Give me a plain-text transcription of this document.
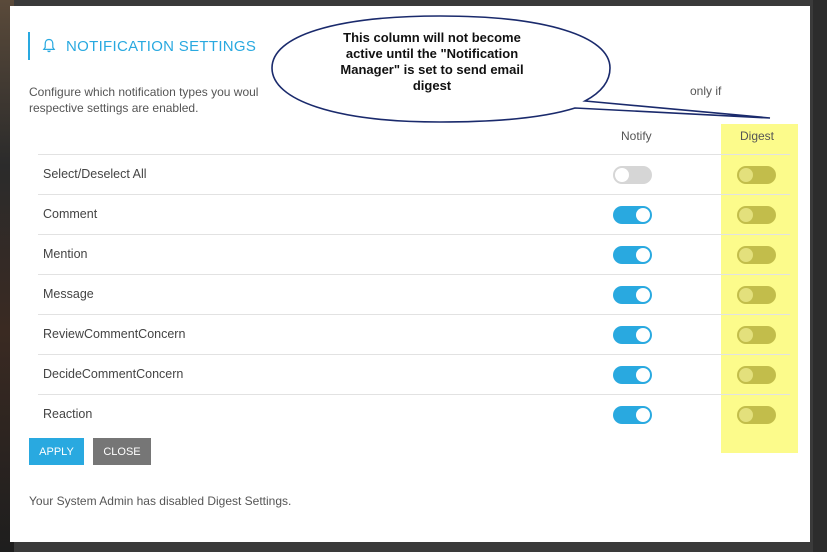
NOTIFICATION SETTINGS
Configure which notification types you woul
respective settings are enabled.
only if
Notify	Digest
Select/Deselect All
Comment
Mention
Message
ReviewCommentConcern
DecideCommentConcern
Reaction
APPLY	CLOSE
Your System Admin has disabled Digest Settings.
This column will not become
active until the "Notification
Manager" is set to send email
digest
